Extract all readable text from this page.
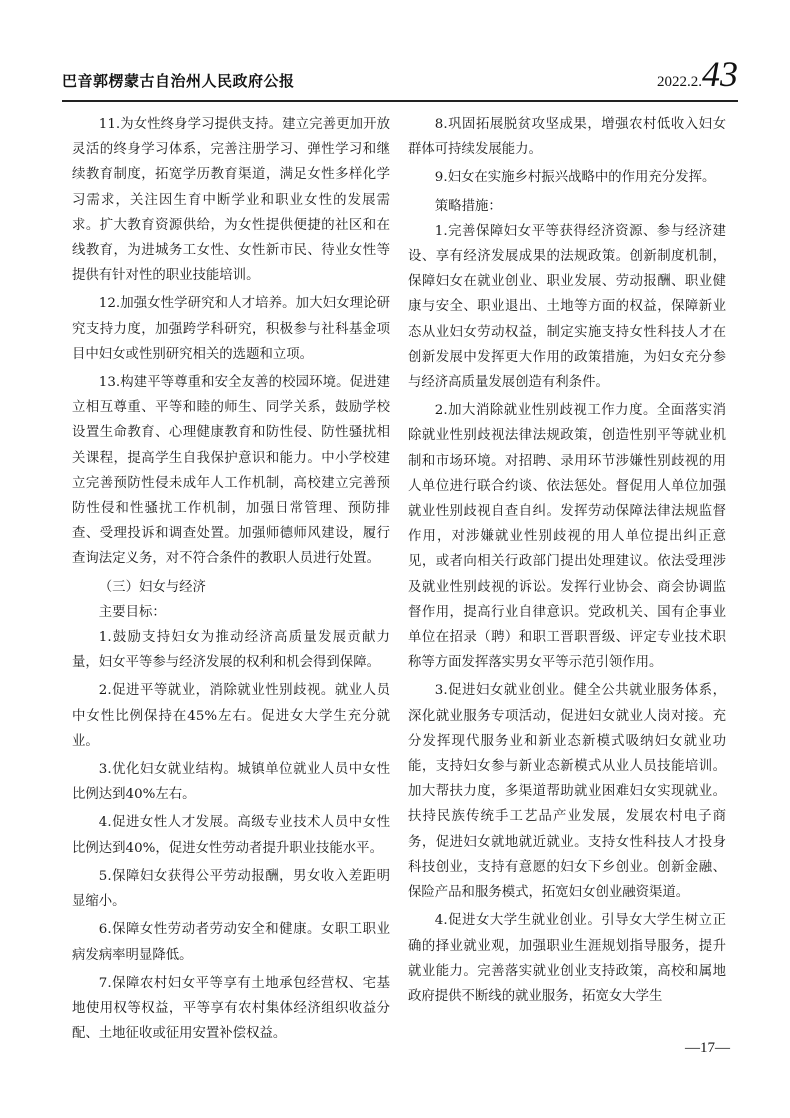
巴音郭楞蒙古自治州人民政府公报	2022.2.43

11.为女性终身学习提供支持。建立完善更加开放灵活的终身学习体系，完善注册学习、弹性学习和继续教育制度，拓宽学历教育渠道，满足女性多样化学习需求，关注因生育中断学业和职业女性的发展需求。扩大教育资源供给，为女性提供便捷的社区和在线教育，为进城务工女性、女性新市民、待业女性等提供有针对性的职业技能培训。

12.加强女性学研究和人才培养。加大妇女理论研究支持力度，加强跨学科研究，积极参与社科基金项目中妇女或性别研究相关的选题和立项。

13.构建平等尊重和安全友善的校园环境。促进建立相互尊重、平等和睦的师生、同学关系，鼓励学校设置生命教育、心理健康教育和防性侵、防性骚扰相关课程，提高学生自我保护意识和能力。中小学校建立完善预防性侵未成年人工作机制，高校建立完善预防性侵和性骚扰工作机制，加强日常管理、预防排查、受理投诉和调查处置。加强师德师风建设，履行查询法定义务，对不符合条件的教职人员进行处置。

（三）妇女与经济

主要目标：

1.鼓励支持妇女为推动经济高质量发展贡献力量，妇女平等参与经济发展的权利和机会得到保障。

2.促进平等就业，消除就业性别歧视。就业人员中女性比例保持在45%左右。促进女大学生充分就业。

3.优化妇女就业结构。城镇单位就业人员中女性比例达到40%左右。

4.促进女性人才发展。高级专业技术人员中女性比例达到40%，促进女性劳动者提升职业技能水平。

5.保障妇女获得公平劳动报酬，男女收入差距明显缩小。

6.保障女性劳动者劳动安全和健康。女职工职业病发病率明显降低。

7.保障农村妇女平等享有土地承包经营权、宅基地使用权等权益，平等享有农村集体经济组织收益分配、土地征收或征用安置补偿权益。

8.巩固拓展脱贫攻坚成果，增强农村低收入妇女群体可持续发展能力。

9.妇女在实施乡村振兴战略中的作用充分发挥。

策略措施：

1.完善保障妇女平等获得经济资源、参与经济建设、享有经济发展成果的法规政策。创新制度机制，保障妇女在就业创业、职业发展、劳动报酬、职业健康与安全、职业退出、土地等方面的权益，保障新业态从业妇女劳动权益，制定实施支持女性科技人才在创新发展中发挥更大作用的政策措施，为妇女充分参与经济高质量发展创造有利条件。

2.加大消除就业性别歧视工作力度。全面落实消除就业性别歧视法律法规政策，创造性别平等就业机制和市场环境。对招聘、录用环节涉嫌性别歧视的用人单位进行联合约谈、依法惩处。督促用人单位加强就业性别歧视自查自纠。发挥劳动保障法律法规监督作用，对涉嫌就业性别歧视的用人单位提出纠正意见，或者向相关行政部门提出处理建议。依法受理涉及就业性别歧视的诉讼。发挥行业协会、商会协调监督作用，提高行业自律意识。党政机关、国有企事业单位在招录（聘）和职工晋职晋级、评定专业技术职称等方面发挥落实男女平等示范引领作用。

3.促进妇女就业创业。健全公共就业服务体系，深化就业服务专项活动，促进妇女就业人岗对接。充分发挥现代服务业和新业态新模式吸纳妇女就业功能，支持妇女参与新业态新模式从业人员技能培训。加大帮扶力度，多渠道帮助就业困难妇女实现就业。扶持民族传统手工艺品产业发展，发展农村电子商务，促进妇女就地就近就业。支持女性科技人才投身科技创业，支持有意愿的妇女下乡创业。创新金融、保险产品和服务模式，拓宽妇女创业融资渠道。

4.促进女大学生就业创业。引导女大学生树立正确的择业就业观，加强职业生涯规划指导服务，提升就业能力。完善落实就业创业支持政策，高校和属地政府提供不断线的就业服务，拓宽女大学生

—17—
